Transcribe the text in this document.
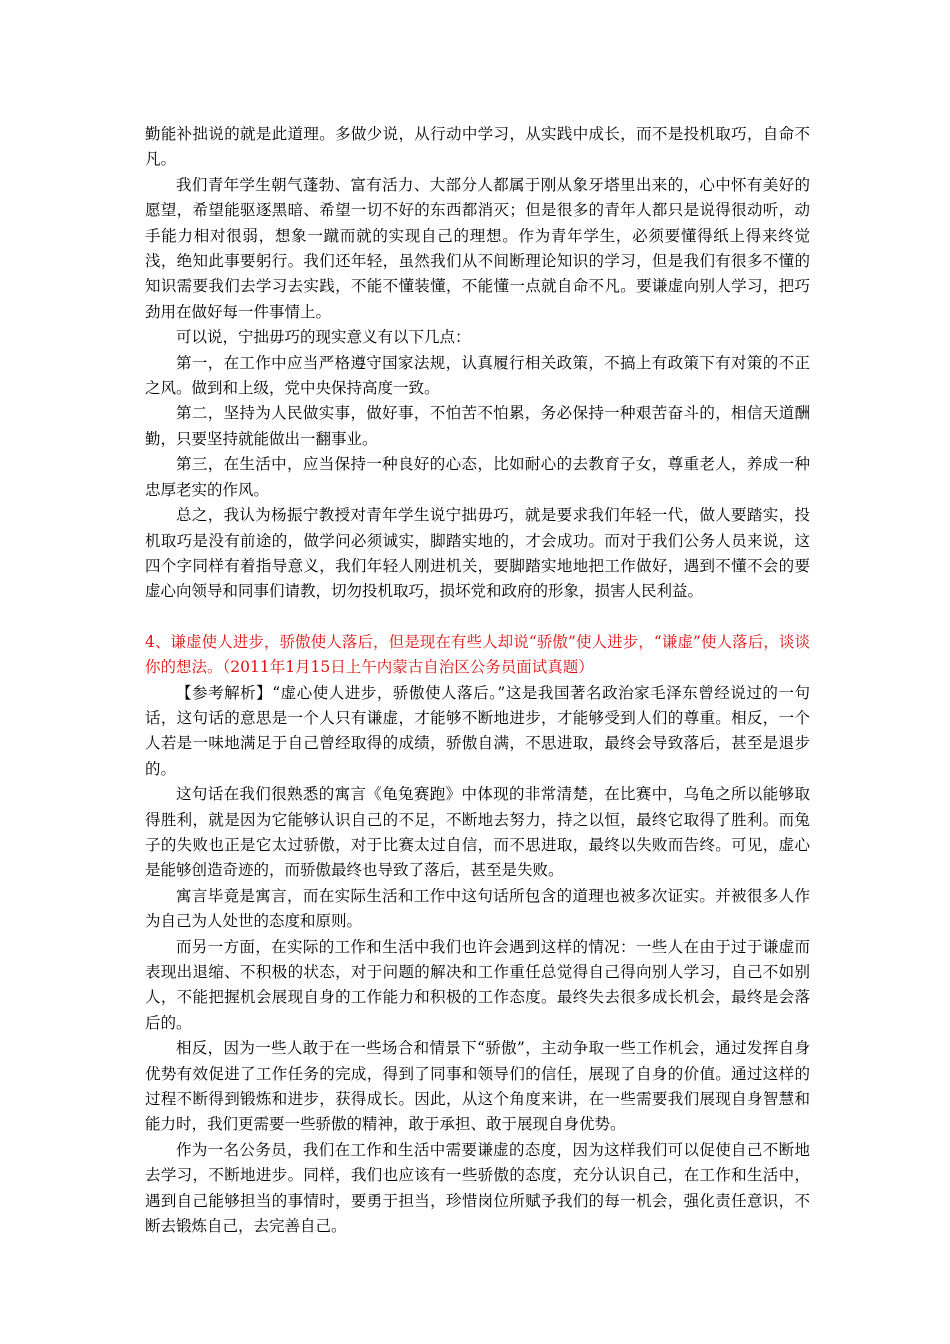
勤能补拙说的就是此道理。多做少说，从行动中学习，从实践中成长，而不是投机取巧，自命不凡。

我们青年学生朝气蓬勃、富有活力、大部分人都属于刚从象牙塔里出来的，心中怀有美好的愿望，希望能驱逐黑暗、希望一切不好的东西都消灭；但是很多的青年人都只是说得很动听，动手能力相对很弱，想象一蹴而就的实现自己的理想。作为青年学生，必须要懂得纸上得来终觉浅，绝知此事要躬行。我们还年轻，虽然我们从不间断理论知识的学习，但是我们有很多不懂的知识需要我们去学习去实践，不能不懂装懂，不能懂一点就自命不凡。要谦虚向别人学习，把巧劲用在做好每一件事情上。

可以说，宁拙毋巧的现实意义有以下几点：

第一，在工作中应当严格遵守国家法规，认真履行相关政策，不搞上有政策下有对策的不正之风。做到和上级，党中央保持高度一致。

第二，坚持为人民做实事，做好事，不怕苦不怕累，务必保持一种艰苦奋斗的，相信天道酬勤，只要坚持就能做出一翻事业。

第三，在生活中，应当保持一种良好的心态，比如耐心的去教育子女，尊重老人，养成一种忠厚老实的作风。

总之，我认为杨振宁教授对青年学生说宁拙毋巧，就是要求我们年轻一代，做人要踏实，投机取巧是没有前途的，做学问必须诚实，脚踏实地的，才会成功。而对于我们公务人员来说，这四个字同样有着指导意义，我们年轻人刚进机关，要脚踏实地地把工作做好，遇到不懂不会的要虚心向领导和同事们请教，切勿投机取巧，损坏党和政府的形象，损害人民利益。

4、谦虚使人进步，骄傲使人落后，但是现在有些人却说“骄傲”使人进步，“谦虚”使人落后，谈谈你的想法。（2011年1月15日上午内蒙古自治区公务员面试真题）

【参考解析】“虚心使人进步，骄傲使人落后。”这是我国著名政治家毛泽东曾经说过的一句话，这句话的意思是一个人只有谦虚，才能够不断地进步，才能够受到人们的尊重。相反，一个人若是一味地满足于自己曾经取得的成绩，骄傲自满，不思进取，最终会导致落后，甚至是退步的。

这句话在我们很熟悉的寓言《龟兔赛跑》中体现的非常清楚，在比赛中，乌龟之所以能够取得胜利，就是因为它能够认识自己的不足，不断地去努力，持之以恒，最终它取得了胜利。而兔子的失败也正是它太过骄傲，对于比赛太过自信，而不思进取，最终以失败而告终。可见，虚心是能够创造奇迹的，而骄傲最终也导致了落后，甚至是失败。

寓言毕竟是寓言，而在实际生活和工作中这句话所包含的道理也被多次证实。并被很多人作为自己为人处世的态度和原则。

而另一方面，在实际的工作和生活中我们也许会遇到这样的情况：一些人在由于过于谦虚而表现出退缩、不积极的状态，对于问题的解决和工作重任总觉得自己得向别人学习，自己不如别人，不能把握机会展现自身的工作能力和积极的工作态度。最终失去很多成长机会，最终是会落后的。

相反，因为一些人敢于在一些场合和情景下“骄傲”，主动争取一些工作机会，通过发挥自身优势有效促进了工作任务的完成，得到了同事和领导们的信任，展现了自身的价值。通过这样的过程不断得到锻炼和进步，获得成长。因此，从这个角度来讲，在一些需要我们展现自身智慧和能力时，我们更需要一些骄傲的精神，敢于承担、敢于展现自身优势。

作为一名公务员，我们在工作和生活中需要谦虚的态度，因为这样我们可以促使自己不断地去学习，不断地进步。同样，我们也应该有一些骄傲的态度，充分认识自己，在工作和生活中，遇到自己能够担当的事情时，要勇于担当，珍惜岗位所赋予我们的每一机会，强化责任意识，不断去锻炼自己，去完善自己。
